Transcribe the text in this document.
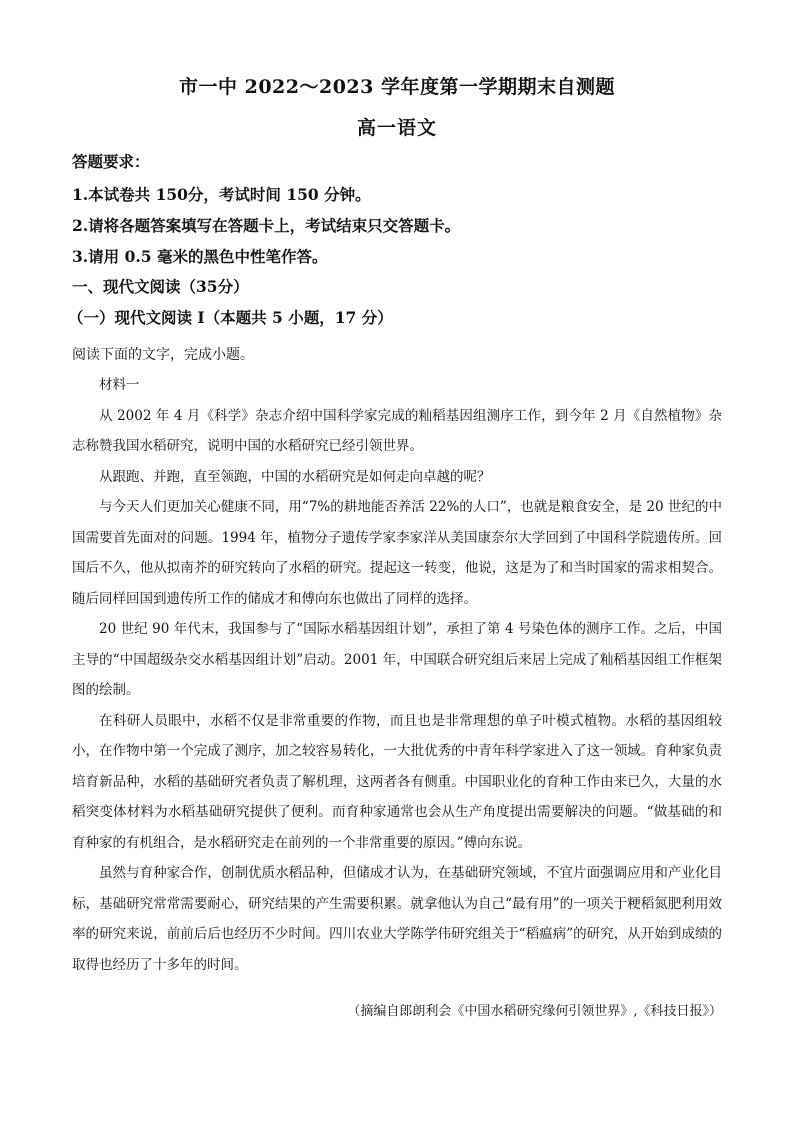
市一中 2022～2023 学年度第一学期期末自测题
高一语文
答题要求：
1.本试卷共 150分，考试时间 150 分钟。
2.请将各题答案填写在答题卡上，考试结束只交答题卡。
3.请用 0.5 毫米的黑色中性笔作答。
一、现代文阅读（35分）
（一）现代文阅读 I（本题共 5 小题，17 分）
阅读下面的文字，完成小题。

材料一

从 2002 年 4 月《科学》杂志介绍中国科学家完成的籼稻基因组测序工作，到今年 2 月《自然植物》杂志称赞我国水稻研究，说明中国的水稻研究已经引领世界。

从跟跑、并跑，直至领跑，中国的水稻研究是如何走向卓越的呢？

与今天人们更加关心健康不同，用“7%的耕地能否养活 22%的人口”，也就是粮食安全，是 20 世纪的中国需要首先面对的问题。1994 年，植物分子遗传学家李家洋从美国康奈尔大学回到了中国科学院遗传所。回国后不久，他从拟南芥的研究转向了水稻的研究。提起这一转变，他说，这是为了和当时国家的需求相契合。随后同样回国到遗传所工作的储成才和傅向东也做出了同样的选择。

20 世纪 90 年代末，我国参与了“国际水稻基因组计划”，承担了第 4 号染色体的测序工作。之后，中国主导的“中国超级杂交水稻基因组计划”启动。2001 年，中国联合研究组后来居上完成了籼稻基因组工作框架图的绘制。

在科研人员眼中，水稻不仅是非常重要的作物，而且也是非常理想的单子叶模式植物。水稻的基因组较小，在作物中第一个完成了测序，加之较容易转化，一大批优秀的中青年科学家进入了这一领域。育种家负责培育新品种，水稻的基础研究者负责了解机理，这两者各有侧重。中国职业化的育种工作由来已久，大量的水稻突变体材料为水稻基础研究提供了便利。而育种家通常也会从生产角度提出需要解决的问题。“做基础的和育种家的有机组合，是水稻研究走在前列的一个非常重要的原因。”傅向东说。

虽然与育种家合作，创制优质水稻品种，但储成才认为，在基础研究领域，不宜片面强调应用和产业化目标，基础研究常常需要耐心，研究结果的产生需要积累。就拿他认为自己“最有用”的一项关于粳稻氮肥利用效率的研究来说，前前后后也经历不少时间。四川农业大学陈学伟研究组关于“稻瘟病”的研究，从开始到成绩的取得也经历了十多年的时间。

（摘编自郎朗利会《中国水稻研究缘何引领世界》,《科技日报》）
